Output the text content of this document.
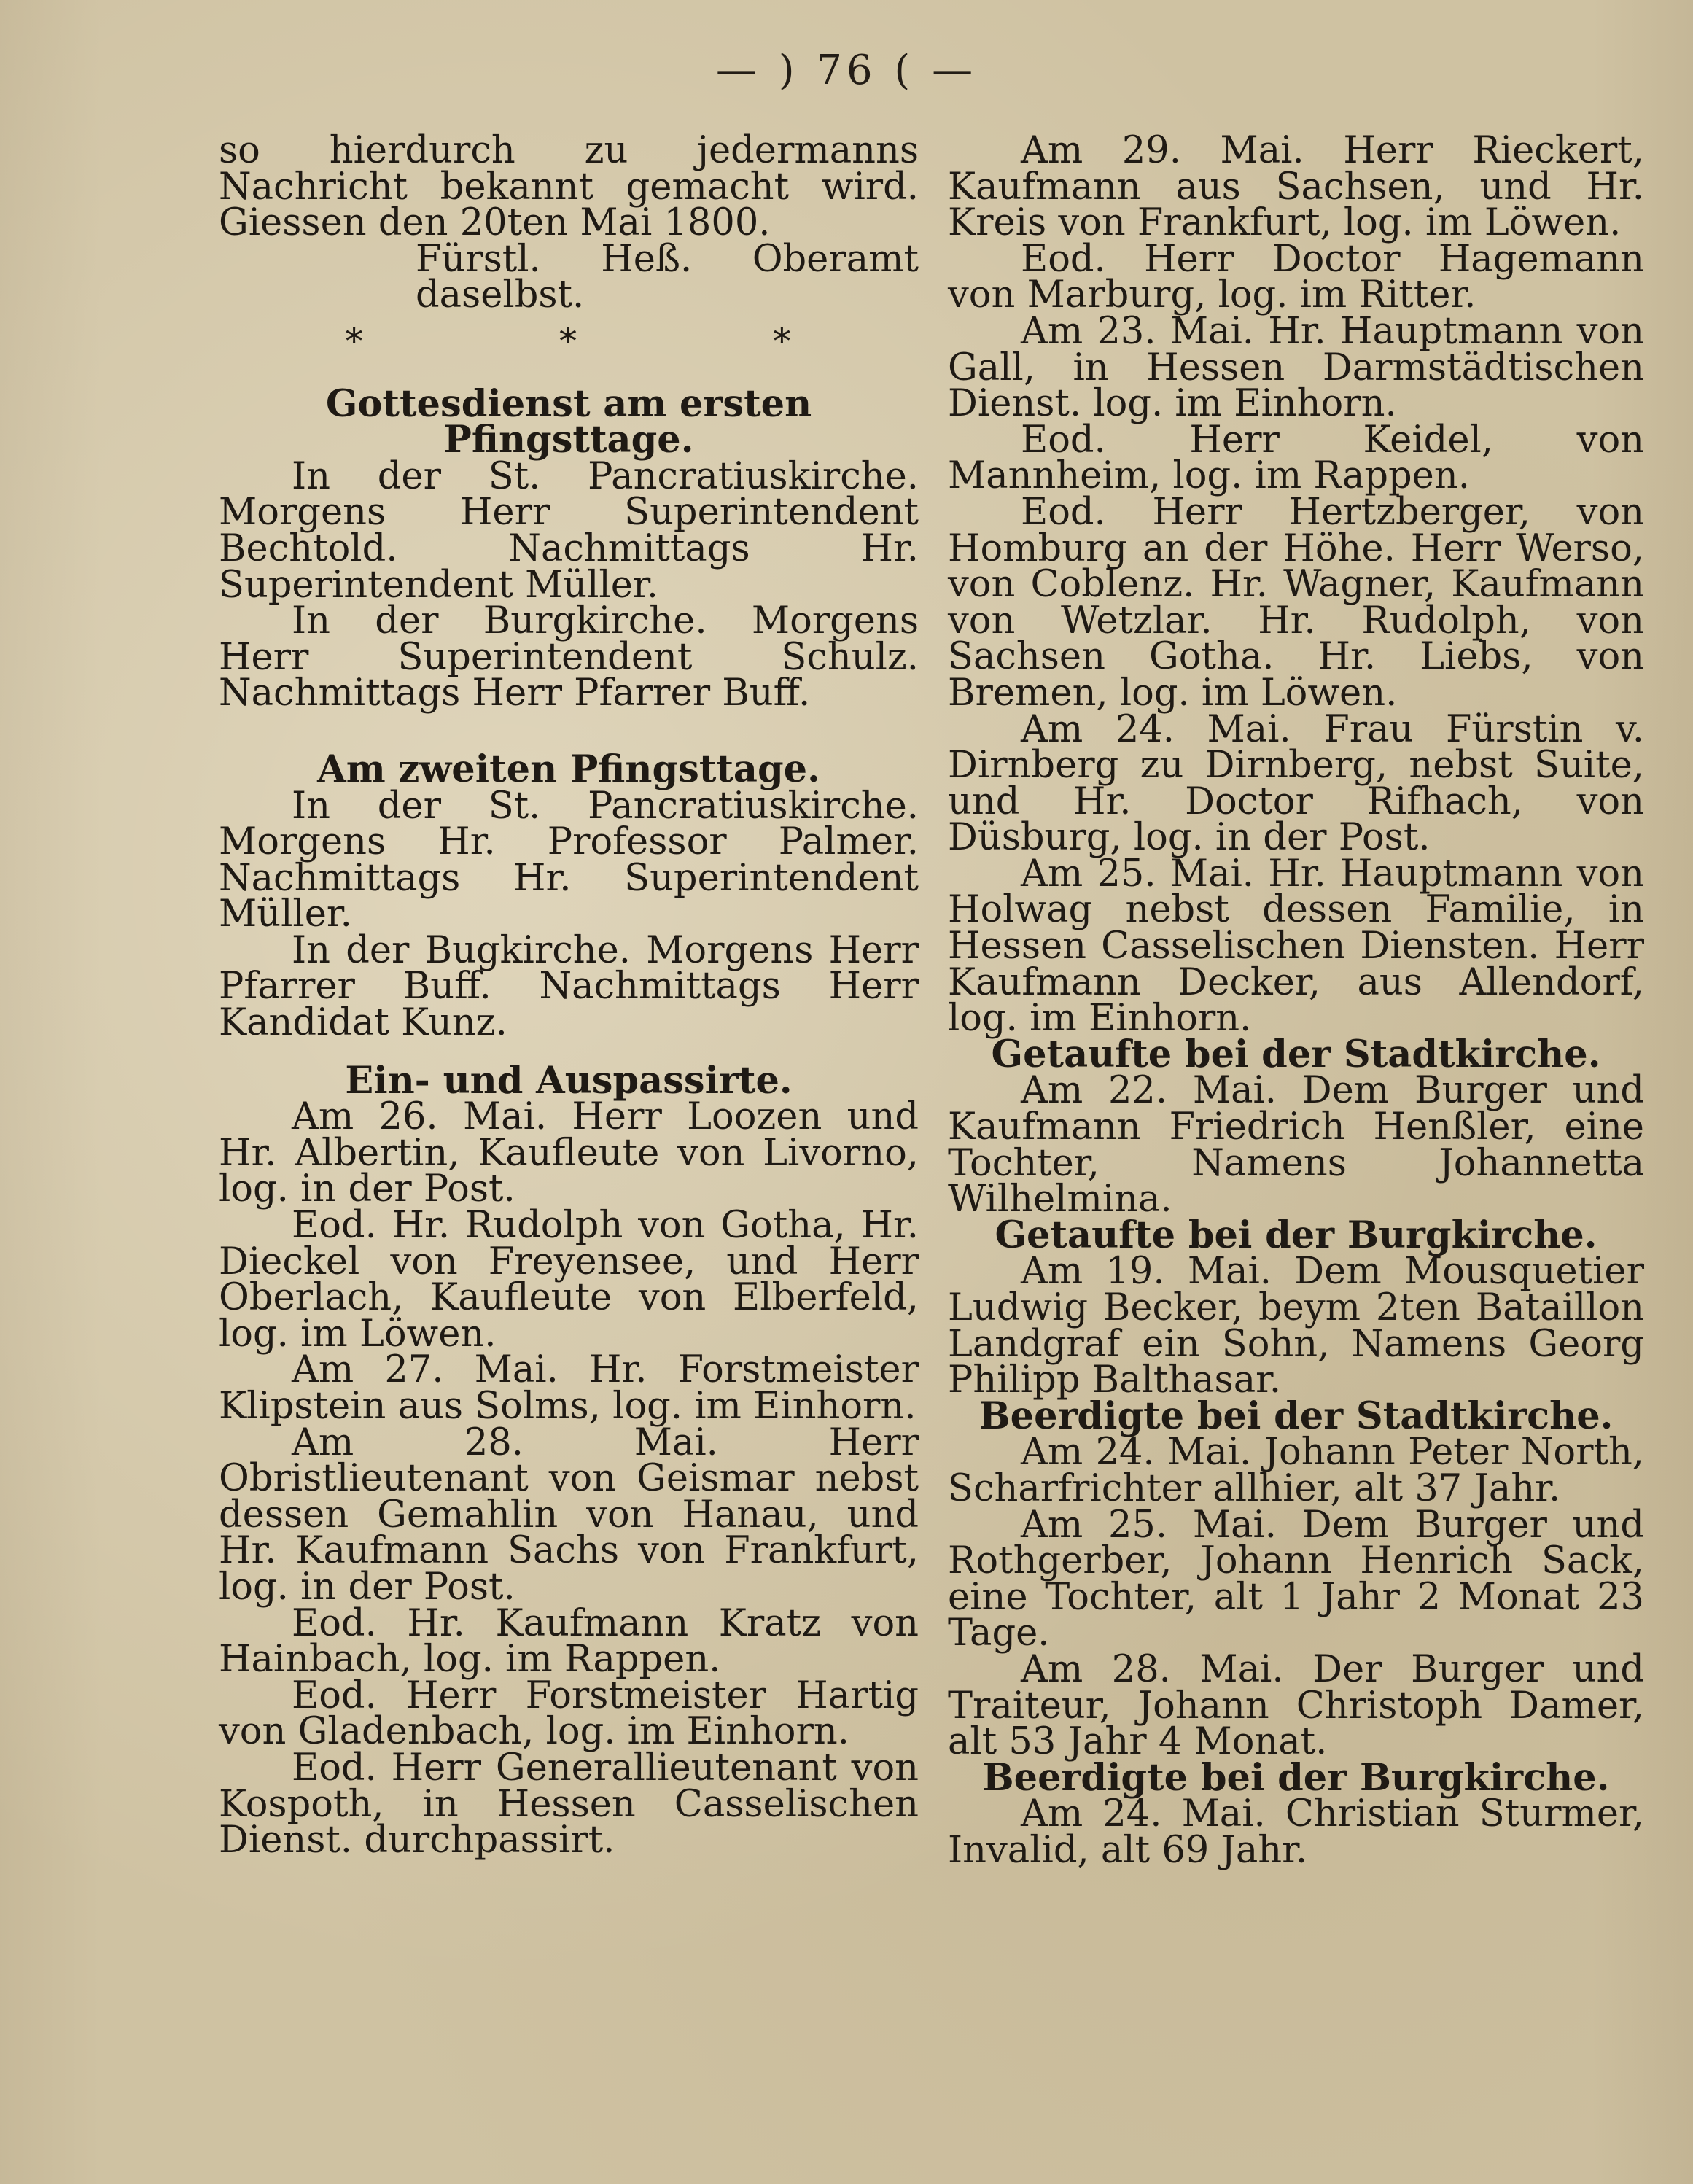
— ) 76 ( —

so hierdurch zu jedermanns Nachricht bekannt gemacht wird. Giessen den 20ten Mai 1800.

Fürstl. Heß. Oberamt daselbst.

*	*	*

Gottesdienst am ersten Pfingsttage.

In der St. Pancratiuskirche. Morgens Herr Superintendent Bechtold. Nachmittags Hr. Superintendent Müller.

In der Burgkirche. Morgens Herr Superintendent Schulz. Nachmittags Herr Pfarrer Buff.

Am zweiten Pfingsttage.

In der St. Pancratiuskirche. Morgens Hr. Professor Palmer. Nachmittags Hr. Superintendent Müller.

In der Bugkirche. Morgens Herr Pfarrer Buff. Nachmittags Herr Kandidat Kunz.

Ein- und Auspassirte.

Am 26. Mai. Herr Loozen und Hr. Albertin, Kaufleute von Livorno, log. in der Post.

Eod. Hr. Rudolph von Gotha, Hr. Dieckel von Freyensee, und Herr Oberlach, Kaufleute von Elberfeld, log. im Löwen.

Am 27. Mai. Hr. Forstmeister Klipstein aus Solms, log. im Einhorn.

Am 28. Mai. Herr Obristlieutenant von Geismar nebst dessen Gemahlin von Hanau, und Hr. Kaufmann Sachs von Frankfurt, log. in der Post.

Eod. Hr. Kaufmann Kratz von Hainbach, log. im Rappen.

Eod. Herr Forstmeister Hartig von Gladenbach, log. im Einhorn.

Eod. Herr Generallieutenant von Kospoth, in Hessen Casselischen Dienst. durchpassirt.

Am 29. Mai. Herr Rieckert, Kaufmann aus Sachsen, und Hr. Kreis von Frankfurt, log. im Löwen.

Eod. Herr Doctor Hagemann von Marburg, log. im Ritter.

Am 23. Mai. Hr. Hauptmann von Gall, in Hessen Darmstädtischen Dienst. log. im Einhorn.

Eod. Herr Keidel, von Mannheim, log. im Rappen.

Eod. Herr Hertzberger, von Homburg an der Höhe. Herr Werso, von Coblenz. Hr. Wagner, Kaufmann von Wetzlar. Hr. Rudolph, von Sachsen Gotha. Hr. Liebs, von Bremen, log. im Löwen.

Am 24. Mai. Frau Fürstin v. Dirnberg zu Dirnberg, nebst Suite, und Hr. Doctor Rifhach, von Düsburg, log. in der Post.

Am 25. Mai. Hr. Hauptmann von Holwag nebst dessen Familie, in Hessen Casselischen Diensten. Herr Kaufmann Decker, aus Allendorf, log. im Einhorn.

Getaufte bei der Stadtkirche.

Am 22. Mai. Dem Burger und Kaufmann Friedrich Henßler, eine Tochter, Namens Johannetta Wilhelmina.

Getaufte bei der Burgkirche.

Am 19. Mai. Dem Mousquetier Ludwig Becker, beym 2ten Bataillon Landgraf ein Sohn, Namens Georg Philipp Balthasar.

Beerdigte bei der Stadtkirche.

Am 24. Mai. Johann Peter North, Scharfrichter allhier, alt 37 Jahr.

Am 25. Mai. Dem Burger und Rothgerber, Johann Henrich Sack, eine Tochter, alt 1 Jahr 2 Monat 23 Tage.

Am 28. Mai. Der Burger und Traiteur, Johann Christoph Damer, alt 53 Jahr 4 Monat.

Beerdigte bei der Burgkirche.

Am 24. Mai. Christian Sturmer, Invalid, alt 69 Jahr.
